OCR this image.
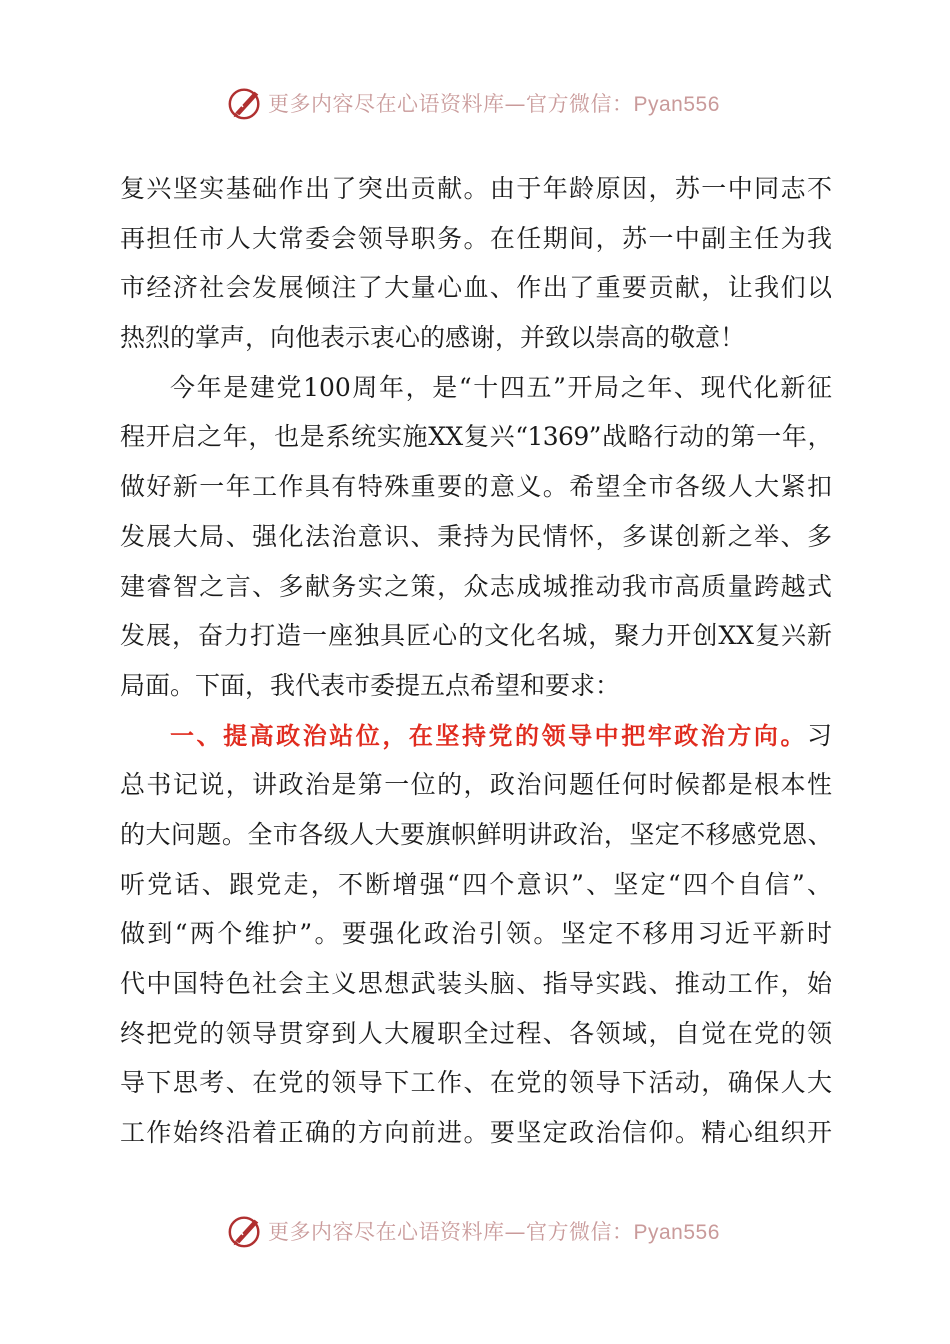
更多内容尽在心语资料库—官方微信：Pyan556
复兴坚实基础作出了突出贡献。由于年龄原因，苏一中同志不
再担任市人大常委会领导职务。在任期间，苏一中副主任为我
市经济社会发展倾注了大量心血、作出了重要贡献，让我们以
热烈的掌声，向他表示衷心的感谢，并致以崇高的敬意！
今年是建党100周年，是“十四五”开局之年、现代化新征
程开启之年，也是系统实施XX复兴“1369”战略行动的第一年，
做好新一年工作具有特殊重要的意义。希望全市各级人大紧扣
发展大局、强化法治意识、秉持为民情怀，多谋创新之举、多
建睿智之言、多献务实之策，众志成城推动我市高质量跨越式
发展，奋力打造一座独具匠心的文化名城，聚力开创XX复兴新
局面。下面，我代表市委提五点希望和要求：
一、提高政治站位，在坚持党的领导中把牢政治方向。习
总书记说，讲政治是第一位的，政治问题任何时候都是根本性
的大问题。全市各级人大要旗帜鲜明讲政治，坚定不移感党恩、
听党话、跟党走，不断增强“四个意识”、坚定“四个自信”、
做到“两个维护”。要强化政治引领。坚定不移用习近平新时
代中国特色社会主义思想武装头脑、指导实践、推动工作，始
终把党的领导贯穿到人大履职全过程、各领域，自觉在党的领
导下思考、在党的领导下工作、在党的领导下活动，确保人大
工作始终沿着正确的方向前进。要坚定政治信仰。精心组织开
更多内容尽在心语资料库—官方微信：Pyan556
